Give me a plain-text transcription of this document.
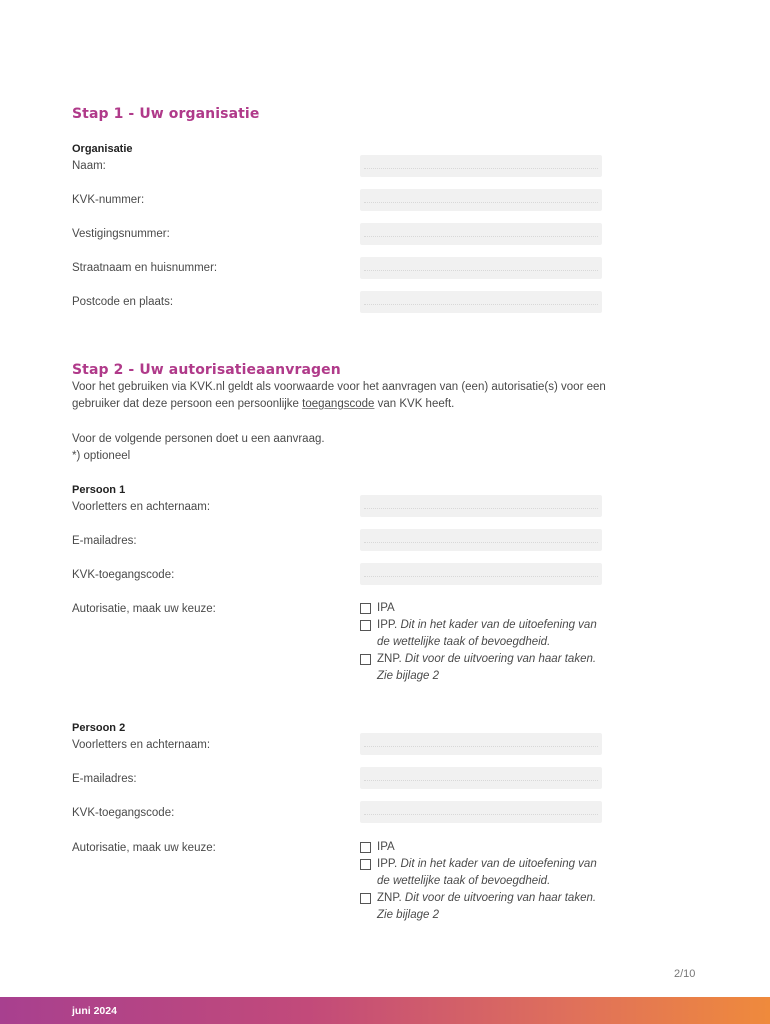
Stap 1 - Uw organisatie
Organisatie
Naam:
KVK-nummer:
Vestigingsnummer:
Straatnaam en huisnummer:
Postcode en plaats:
Stap 2 - Uw autorisatieaanvragen
Voor het gebruiken via KVK.nl geldt als voorwaarde voor het aanvragen van (een) autorisatie(s) voor een
gebruiker dat deze persoon een persoonlijke toegangscode van KVK heeft.
Voor de volgende personen doet u een aanvraag.
*) optioneel
Persoon 1
Voorletters en achternaam:
E-mailadres:
KVK-toegangscode:
Autorisatie, maak uw keuze:	IPA
IPP. Dit in het kader van de uitoefening van de wettelijke taak of bevoegdheid.
ZNP. Dit voor de uitvoering van haar taken. Zie bijlage 2
Persoon 2
Voorletters en achternaam:
E-mailadres:
KVK-toegangscode:
Autorisatie, maak uw keuze:	IPA
IPP. Dit in het kader van de uitoefening van de wettelijke taak of bevoegdheid.
ZNP. Dit voor de uitvoering van haar taken. Zie bijlage 2
2/10
juni 2024
